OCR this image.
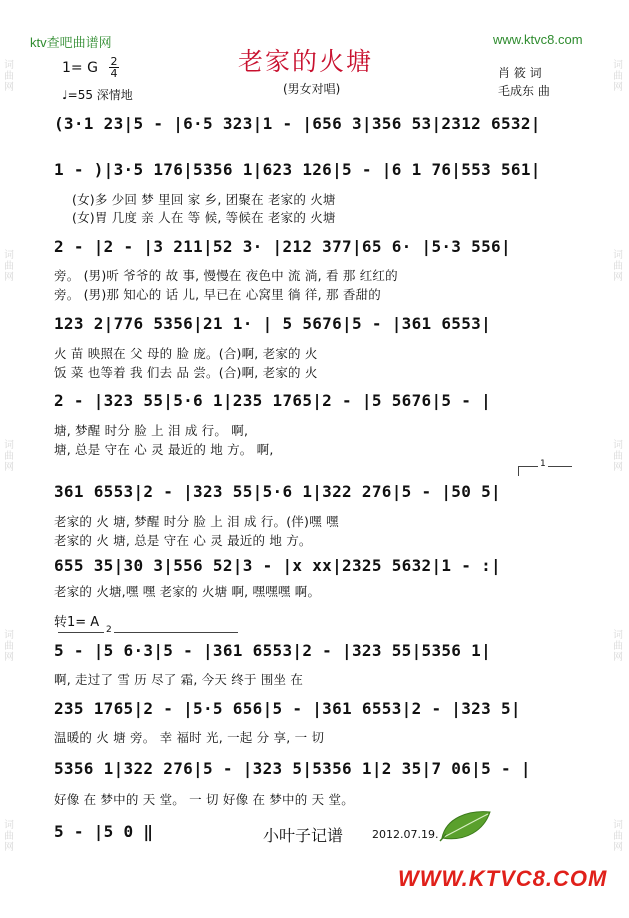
ktv查吧曲谱网	www.ktvc8.com
老家的火塘
(男女对唱)
1= G 2
4
♩=55 深情地
肖 筱 词
毛成东 曲
词曲网
词曲网
词曲网
词曲网
词曲网
词曲网
词曲网
词曲网
词曲网
词曲网
(3·1 23|5 - |6·5 323|1 - |656 3|356 53|2312 6532|
1 - )|3·5 176|5356 1|623 126|5 - |6 1 76|553 561|
(女)多 少回 梦 里回 家 乡, 团聚在 老家的 火塘
(女)胃 几度 亲 人在 等 候, 等候在 老家的 火塘
2 - |2 - |3 211|52 3· |212 377|65 6· |5·3 556|
旁。 (男)听 爷爷的 故 事, 慢慢在 夜色中 流 淌, 看 那 红红的
旁。 (男)那 知心的 话 儿, 早已在 心窝里 徜 徉, 那 香甜的
123 2|776 5356|21 1· | 5 5676|5 - |361 6553|
火 苗 映照在 父 母的 脸 庞。(合)啊, 老家的 火
饭 菜 也等着 我 们去 品 尝。(合)啊, 老家的 火
2 - |323 55|5·6 1|235 1765|2 - |5 5676|5 - |
塘, 梦醒 时分 脸 上 泪 成 行。 啊,
塘, 总是 守在 心 灵 最近的 地 方。 啊,
1
361 6553|2 - |323 55|5·6 1|322 276|5 - |50 5|
老家的 火 塘, 梦醒 时分 脸 上 泪 成 行。(伴)嘿 嘿
老家的 火 塘, 总是 守在 心 灵 最近的 地 方。
655 35|30 3|556 52|3 - |x xx|2325 5632|1 - :|
老家的 火塘,嘿 嘿 老家的 火塘 啊, 嘿嘿嘿 啊。
转1= A 2
5 - |5 6·3|5 - |361 6553|2 - |323 55|5356 1|
啊, 走过了 雪 历 尽了 霜, 今天 终于 围坐 在
235 1765|2 - |5·5 656|5 - |361 6553|2 - |323 5|
温暖的 火 塘 旁。 幸 福时 光, 一起 分 享, 一 切
5356 1|322 276|5 - |323 5|5356 1|2 35|7 06|5 - |
好像 在 梦中的 天 堂。 一 切 好像 在 梦中的 天 堂。
5 - |5 0 ‖	小叶子记谱	2012.07.19.
WWW.KTVC8.COM
